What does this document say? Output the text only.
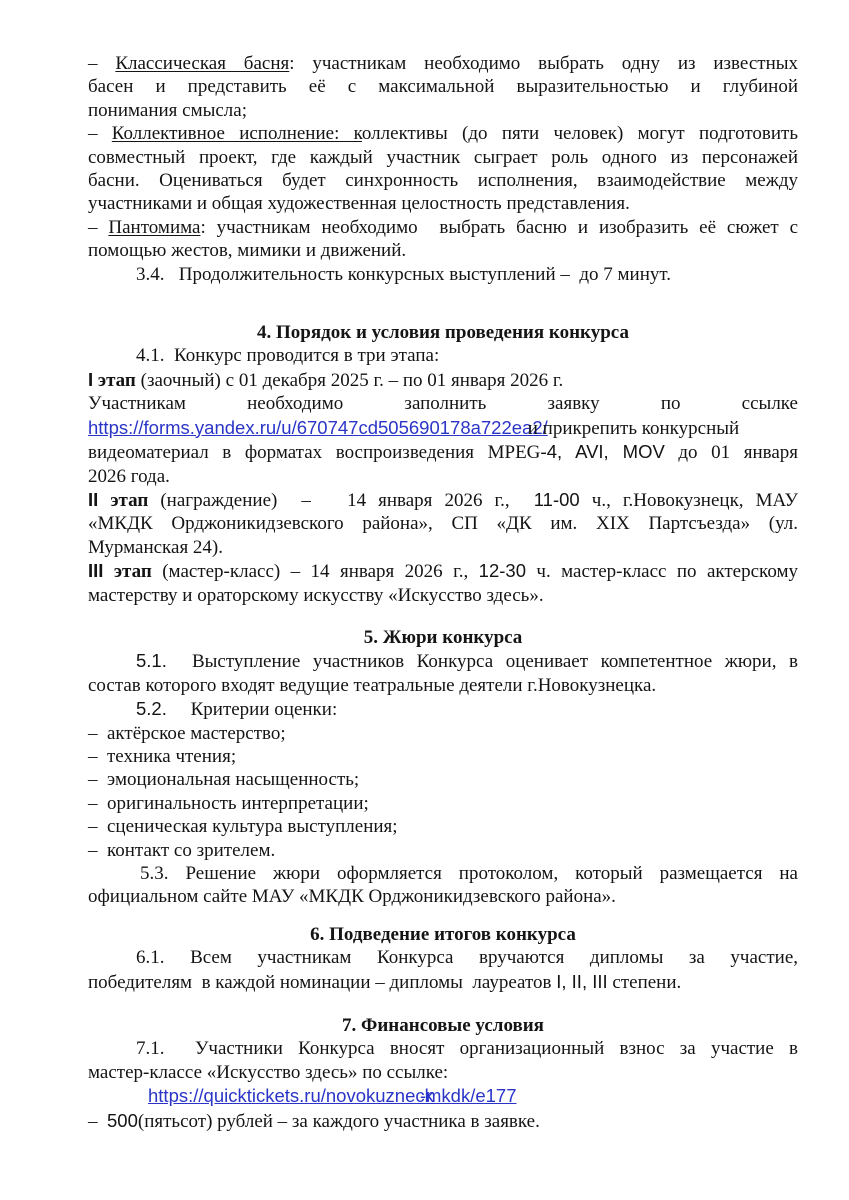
– Классическая басня: участникам необходимо выбрать одну из известных
басен и представить её с максимальной выразительностью и глубиной
понимания смысла;
– Коллективное исполнение: коллективы (до пяти человек) могут подготовить
совместный проект, где каждый участник сыграет роль одного из персонажей
басни. Оцениваться будет синхронность исполнения, взаимодействие между
участниками и общая художественная целостность представления.
– Пантомима: участникам необходимо  выбрать басню и изобразить её сюжет с
помощью жестов, мимики и движений.
3.4.   Продолжительность конкурсных выступлений –  до 7 минут.
4. Порядок и условия проведения конкурса
4.1.  Конкурс проводится в три этапа:
I этап (заочный) с 01 декабря 2025 г. – по 01 января 2026 г.
Участникам необходимо заполнить заявку по ссылке
https://forms.yandex.ru/u/670747cd505690178a722ea2/и прикрепить конкурсный
видеоматериал в форматах воспроизведения MPEG-4, AVI, MOV до 01 января
2026 года.
II этап (награждение)  –   14 января 2026 г.,  11-00 ч., г.Новокузнецк, МАУ
«МКДК Орджоникидзевского района», СП «ДК им. XIX Партсъезда» (ул.
Мурманская 24).
III этап (мастер-класс) – 14 января 2026 г., 12-30 ч. мастер-класс по актерскому
мастерству и ораторскому искусству «Искусство здесь».
5. Жюри конкурса
5.1.  Выступление участников Конкурса оценивает компетентное жюри, в
состав которого входят ведущие театральные деятели г.Новокузнецка.
5.2.     Критерии оценки:
–  актёрское мастерство;
–  техника чтения;
–  эмоциональная насыщенность;
–  оригинальность интерпретации;
–  сценическая культура выступления;
–  контакт со зрителем.
5.3. Решение жюри оформляется протоколом, который размещается на
официальном сайте МАУ «МКДК Орджоникидзевского района».
6. Подведение итогов конкурса
6.1. Всем участникам Конкурса вручаются дипломы за участие,
победителям  в каждой номинации – дипломы  лауреатов I, II, III степени.
7. Финансовые условия
7.1.  Участники Конкурса вносят организационный взнос за участие в
мастер-классе «Искусство здесь» по ссылке:
https://quicktickets.ru/novokuzneck-mkdk/e177
–  500(пятьсот) рублей – за каждого участника в заявке.
